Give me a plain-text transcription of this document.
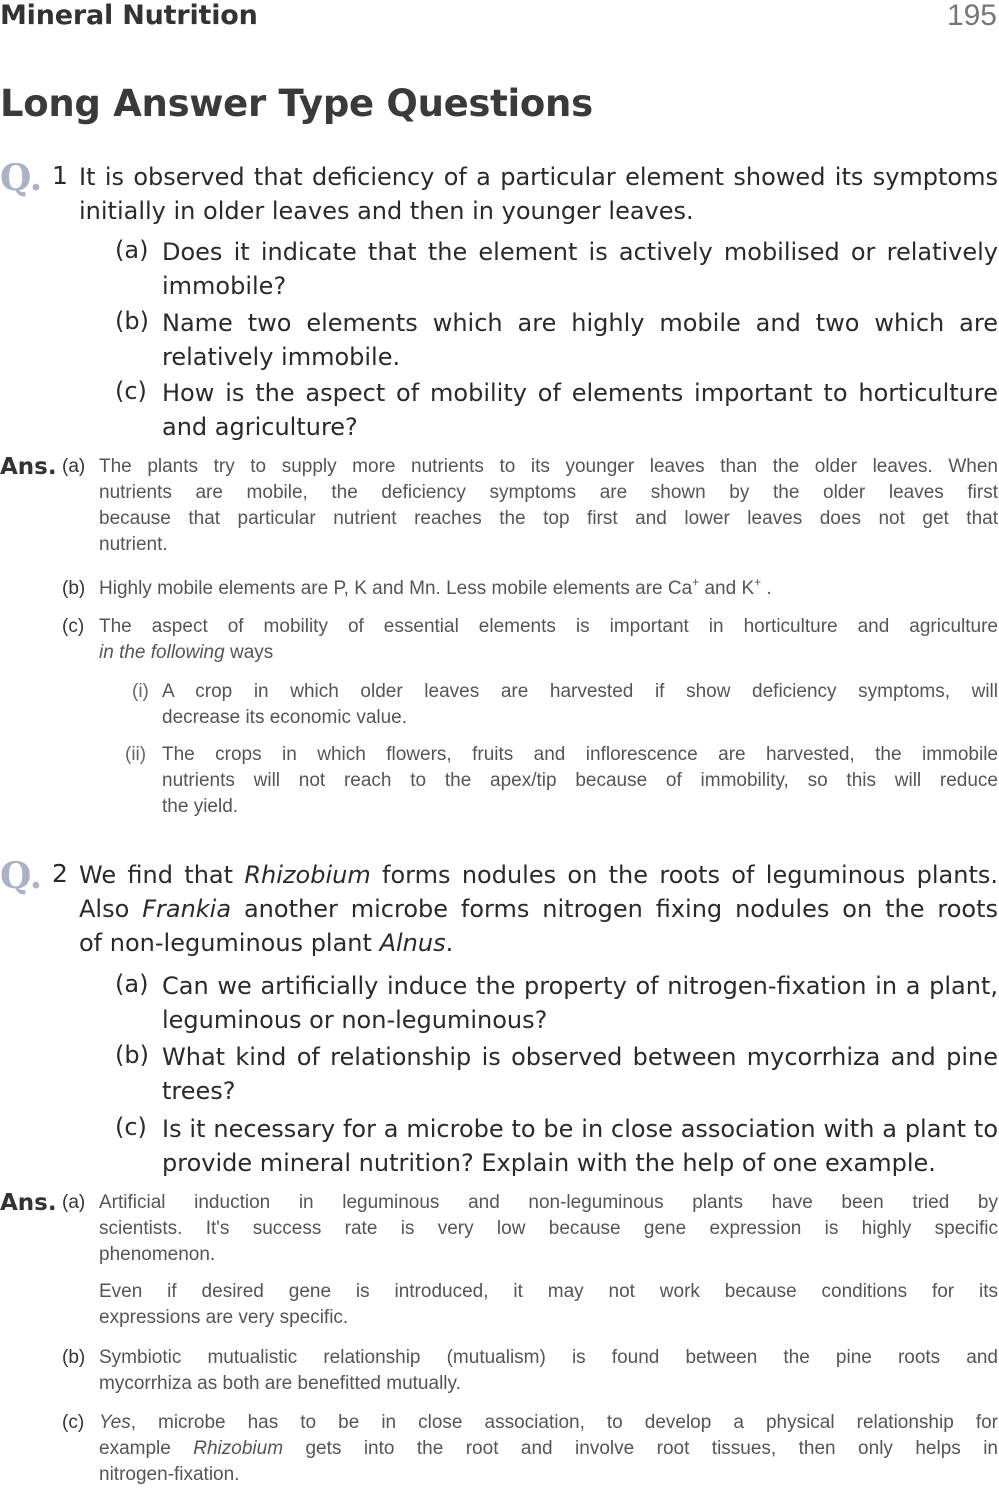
Mineral Nutrition	195
Long Answer Type Questions
Q. 1 It is observed that deficiency of a particular element showed its symptoms
initially in older leaves and then in younger leaves.
(a) Does it indicate that the element is actively mobilised or relatively
immobile?
(b) Name two elements which are highly mobile and two which are
relatively immobile.
(c) How is the aspect of mobility of elements important to horticulture
and agriculture?
Ans. (a) The plants try to supply more nutrients to its younger leaves than the older leaves. When
nutrients are mobile, the deficiency symptoms are shown by the older leaves first
because that particular nutrient reaches the top first and lower leaves does not get that
nutrient.
(b) Highly mobile elements are P, K and Mn. Less mobile elements are Ca+ and K+ .
(c) The aspect of mobility of essential elements is important in horticulture and agriculture
in the following ways
(i) A crop in which older leaves are harvested if show deficiency symptoms, will
decrease its economic value.
(ii) The crops in which flowers, fruits and inflorescence are harvested, the immobile
nutrients will not reach to the apex/tip because of immobility, so this will reduce
the yield.
Q. 2 We find that Rhizobium forms nodules on the roots of leguminous plants.
Also Frankia another microbe forms nitrogen fixing nodules on the roots
of non-leguminous plant Alnus.
(a) Can we artificially induce the property of nitrogen-fixation in a plant,
leguminous or non-leguminous?
(b) What kind of relationship is observed between mycorrhiza and pine
trees?
(c) Is it necessary for a microbe to be in close association with a plant to
provide mineral nutrition? Explain with the help of one example.
Ans. (a) Artificial induction in leguminous and non-leguminous plants have been tried by
scientists. It's success rate is very low because gene expression is highly specific
phenomenon.
Even if desired gene is introduced, it may not work because conditions for its
expressions are very specific.
(b) Symbiotic mutualistic relationship (mutualism) is found between the pine roots and
mycorrhiza as both are benefitted mutually.
(c) Yes, microbe has to be in close association, to develop a physical relationship for
example Rhizobium gets into the root and involve root tissues, then only helps in
nitrogen-fixation.
